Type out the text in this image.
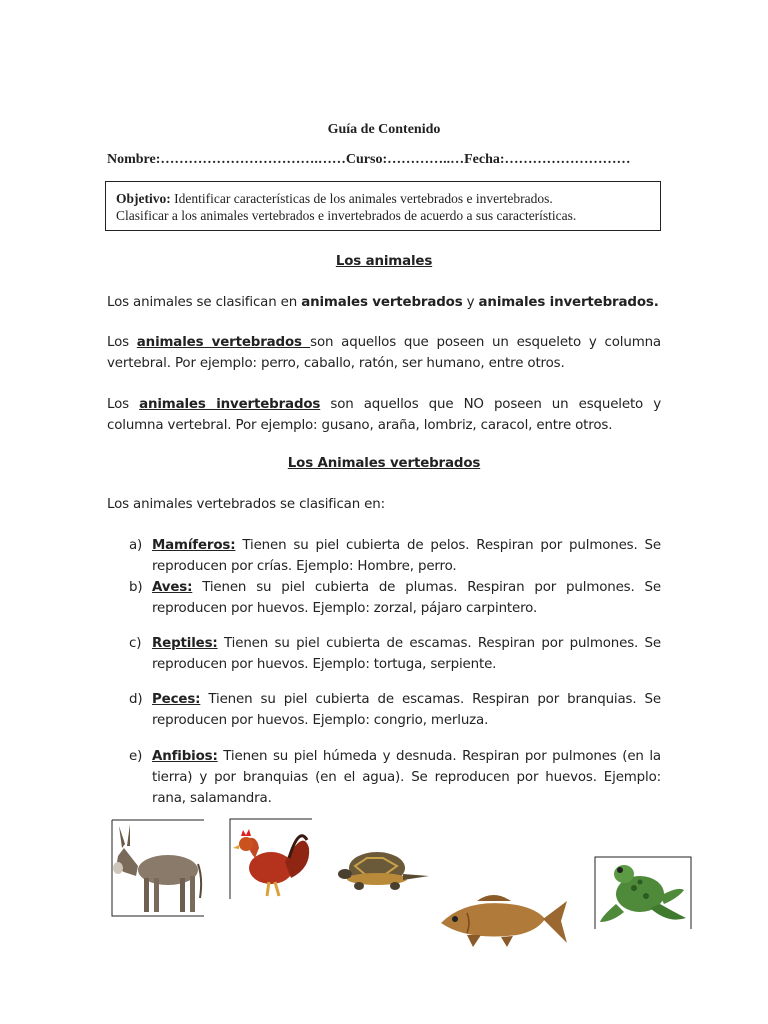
Guía de Contenido
Nombre:…………………………….……Curso:…………..…Fecha:………………………
Objetivo: Identificar características de los animales vertebrados e invertebrados.
Clasificar a los animales vertebrados e invertebrados de acuerdo a sus características.
Los animales
Los animales se clasifican en animales vertebrados y animales invertebrados.
Los animales vertebrados son aquellos que poseen un esqueleto y columna vertebral. Por ejemplo: perro, caballo, ratón, ser humano, entre otros.
Los animales invertebrados son aquellos que NO poseen un esqueleto y columna vertebral. Por ejemplo: gusano, araña, lombriz, caracol, entre otros.
Los Animales vertebrados
Los animales vertebrados se clasifican en:
a) Mamíferos: Tienen su piel cubierta de pelos. Respiran por pulmones. Se reproducen por crías. Ejemplo: Hombre, perro.
b) Aves: Tienen su piel cubierta de plumas. Respiran por pulmones. Se reproducen por huevos. Ejemplo: zorzal, pájaro carpintero.
c) Reptiles: Tienen su piel cubierta de escamas. Respiran por pulmones. Se reproducen por huevos. Ejemplo: tortuga, serpiente.
d) Peces: Tienen su piel cubierta de escamas. Respiran por branquias. Se reproducen por huevos. Ejemplo: congrio, merluza.
e) Anfibios: Tienen su piel húmeda y desnuda. Respiran por pulmones (en la tierra) y por branquias (en el agua). Se reproducen por huevos. Ejemplo: rana, salamandra.
